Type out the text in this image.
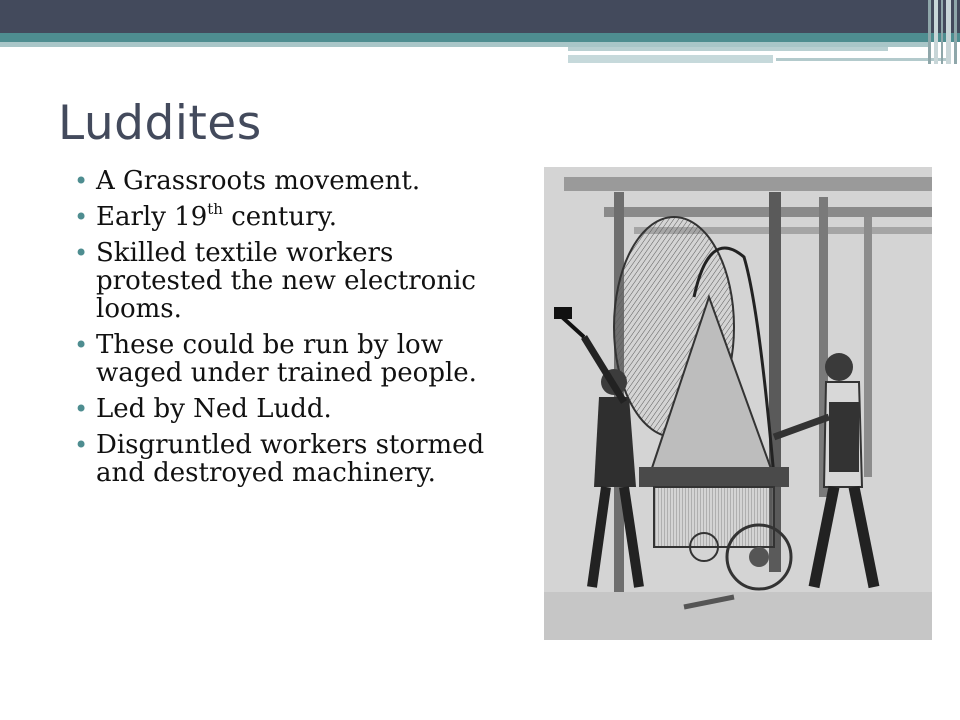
Luddites
• A Grassroots movement.
• Early 19th century.
• Skilled textile workers protested the new electronic looms.
• These could be run by low waged under trained people.
• Led by Ned Ludd.
• Disgruntled workers stormed and destroyed machinery.
